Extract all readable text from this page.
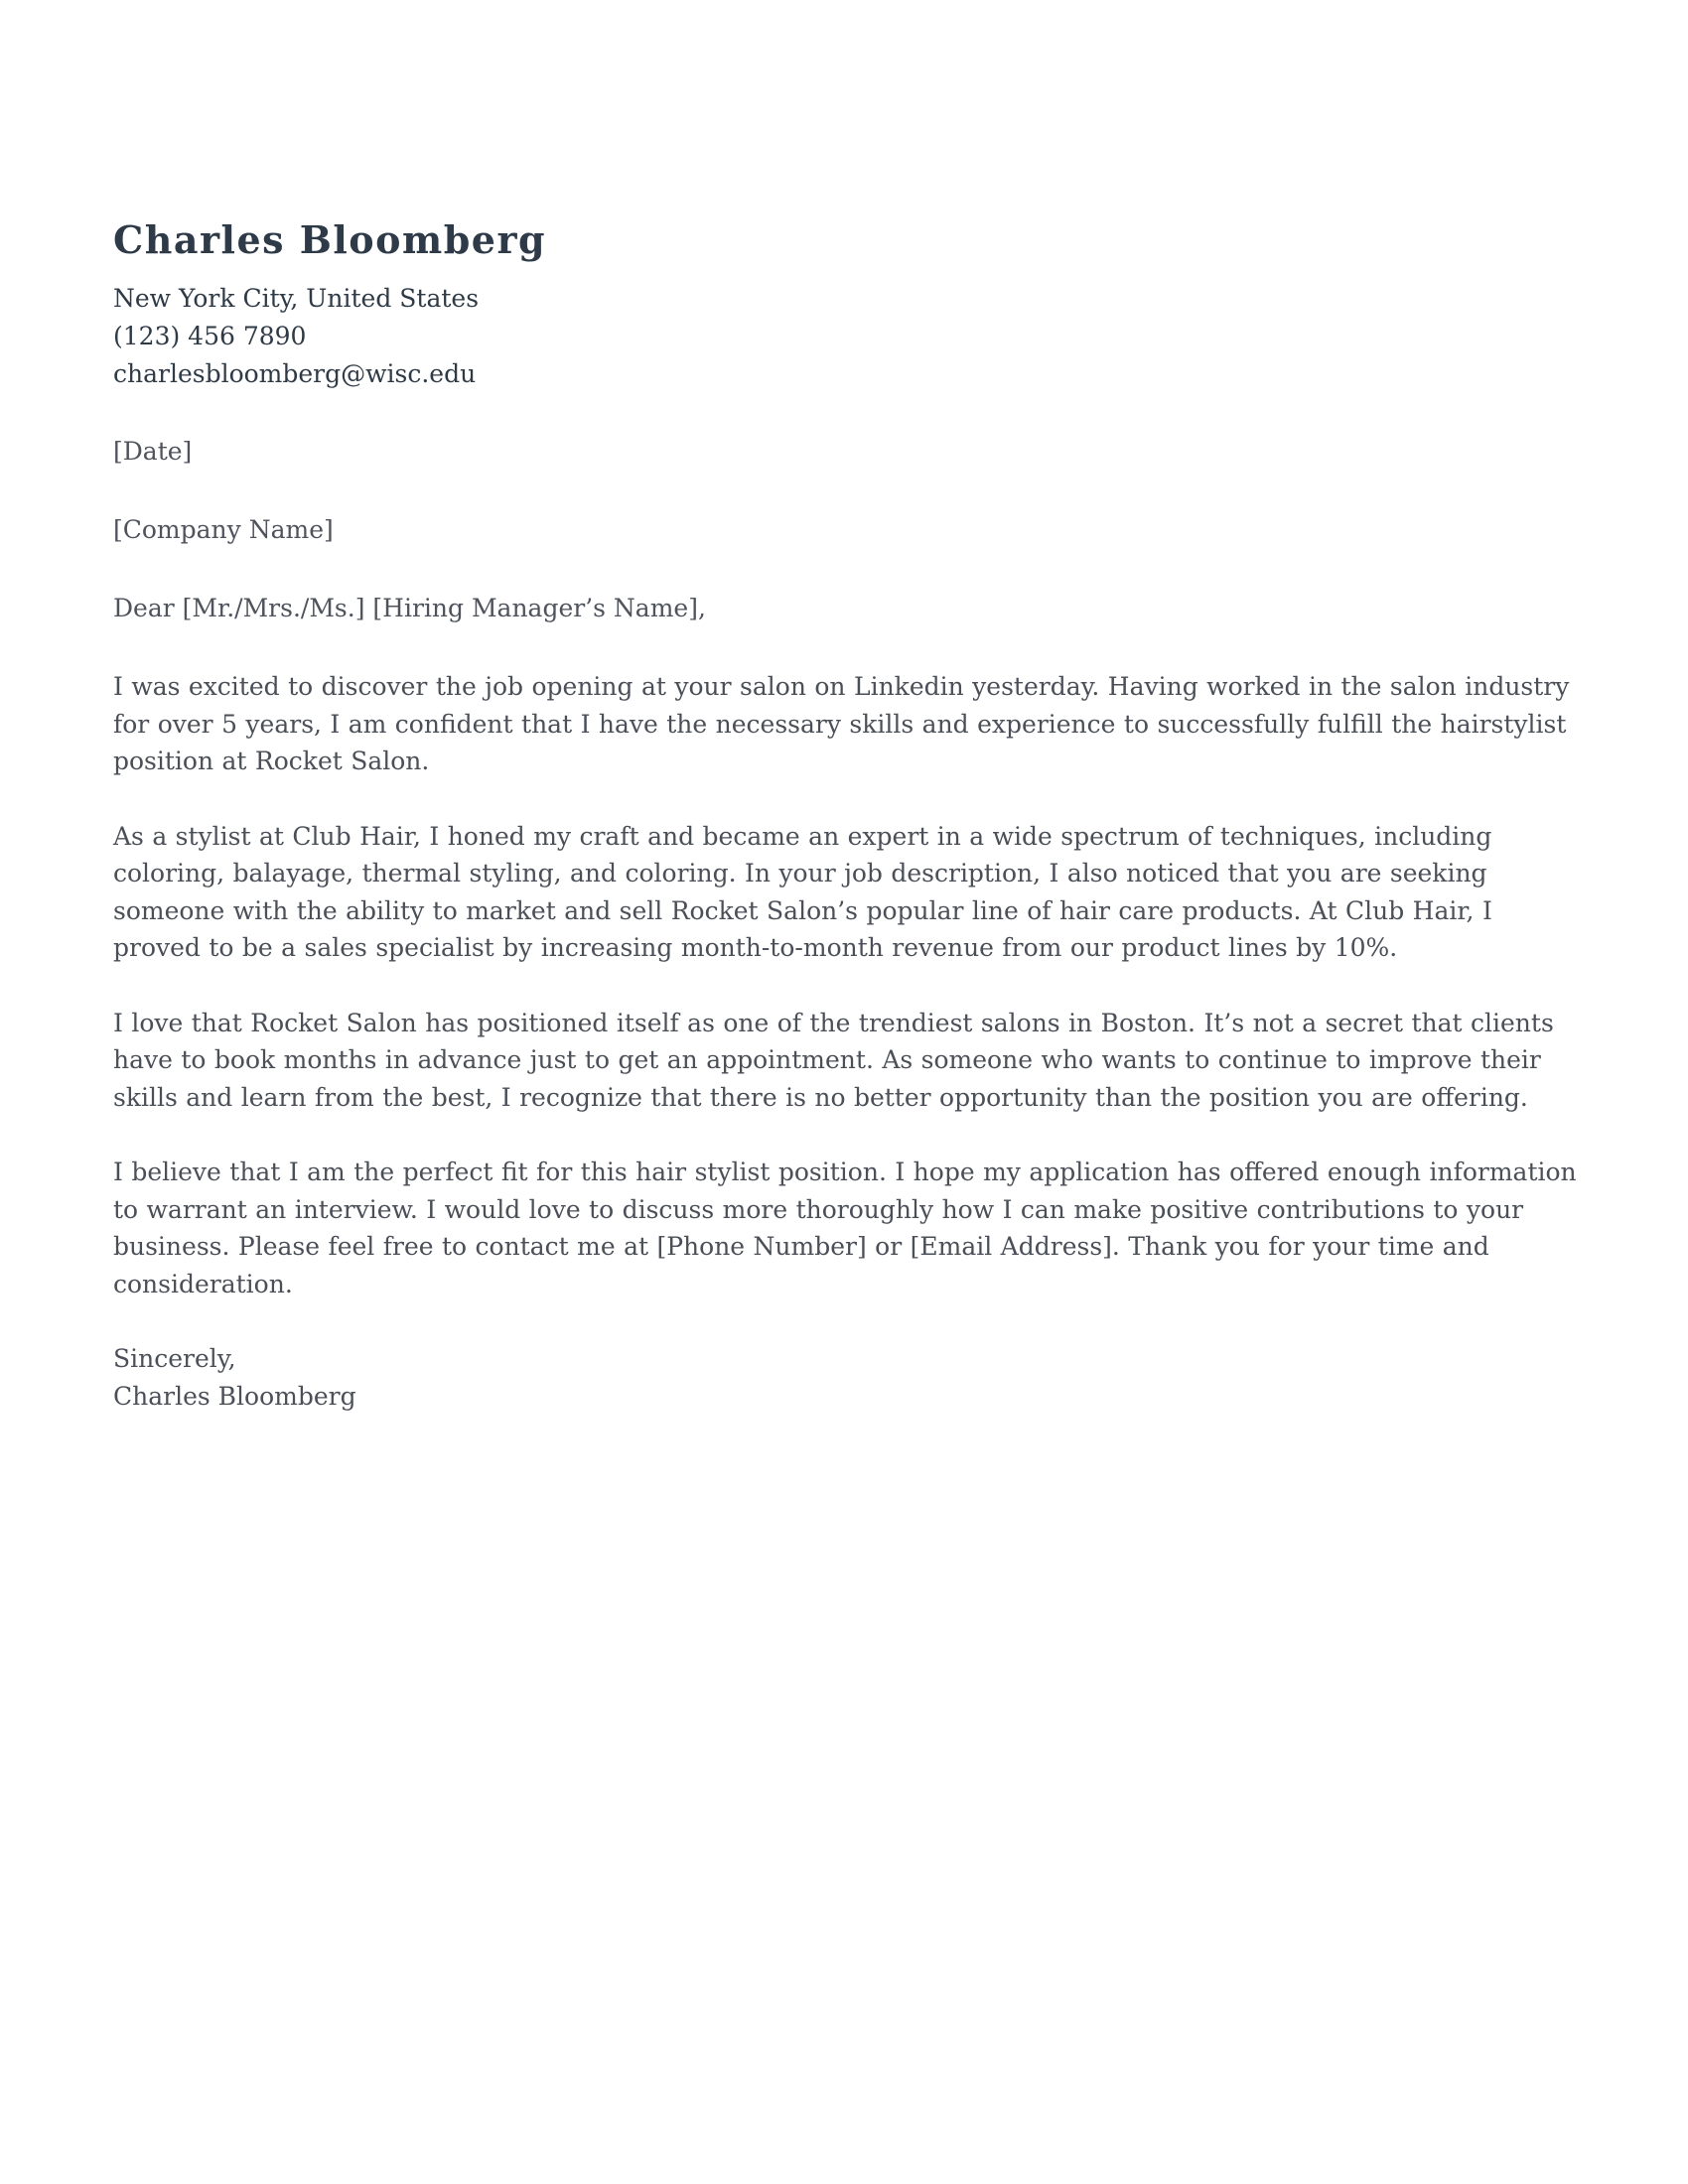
Charles Bloomberg
New York City, United States
(123) 456 7890
charlesbloomberg@wisc.edu
[Date]
[Company Name]
Dear [Mr./Mrs./Ms.] [Hiring Manager’s Name],

I was excited to discover the job opening at your salon on Linkedin yesterday. Having worked in the salon industry for over 5 years, I am confident that I have the necessary skills and experience to successfully fulfill the hairstylist position at Rocket Salon.

As a stylist at Club Hair, I honed my craft and became an expert in a wide spectrum of techniques, including coloring, balayage, thermal styling, and coloring. In your job description, I also noticed that you are seeking someone with the ability to market and sell Rocket Salon’s popular line of hair care products. At Club Hair, I proved to be a sales specialist by increasing month-to-month revenue from our product lines by 10%.

I love that Rocket Salon has positioned itself as one of the trendiest salons in Boston. It’s not a secret that clients have to book months in advance just to get an appointment. As someone who wants to continue to improve their skills and learn from the best, I recognize that there is no better opportunity than the position you are offering.

I believe that I am the perfect fit for this hair stylist position. I hope my application has offered enough information to warrant an interview. I would love to discuss more thoroughly how I can make positive contributions to your business. Please feel free to contact me at [Phone Number] or [Email Address]. Thank you for your time and consideration.

Sincerely,
Charles Bloomberg
